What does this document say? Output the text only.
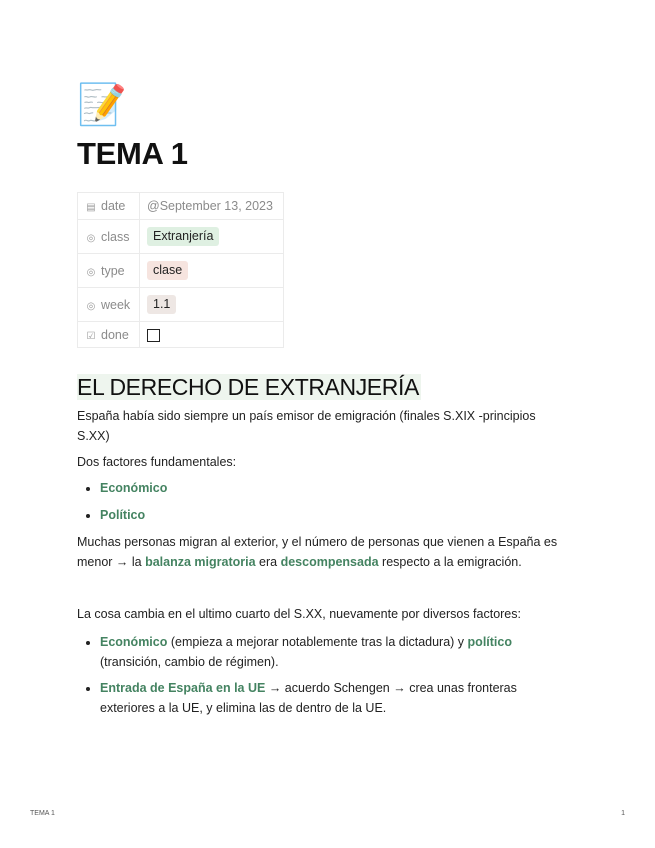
📝
TEMA 1
▤ date	@September 13, 2023
◎ class	Extranjería
◎ type	clase
◎ week	1.1
☑ done	
EL DERECHO DE EXTRANJERÍA

España había sido siempre un país emisor de emigración (finales S.XIX -principios S.XX)

Dos factores fundamentales:

• Económico
• Político

Muchas personas migran al exterior, y el número de personas que vienen a España es menor → la balanza migratoria era descompensada respecto a la emigración.

La cosa cambia en el ultimo cuarto del S.XX, nuevamente por diversos factores:

• Económico (empieza a mejorar notablemente tras la dictadura) y político (transición, cambio de régimen).
• Entrada de España en la UE → acuerdo Schengen → crea unas fronteras exteriores a la UE, y elimina las de dentro de la UE.
TEMA 1	1
